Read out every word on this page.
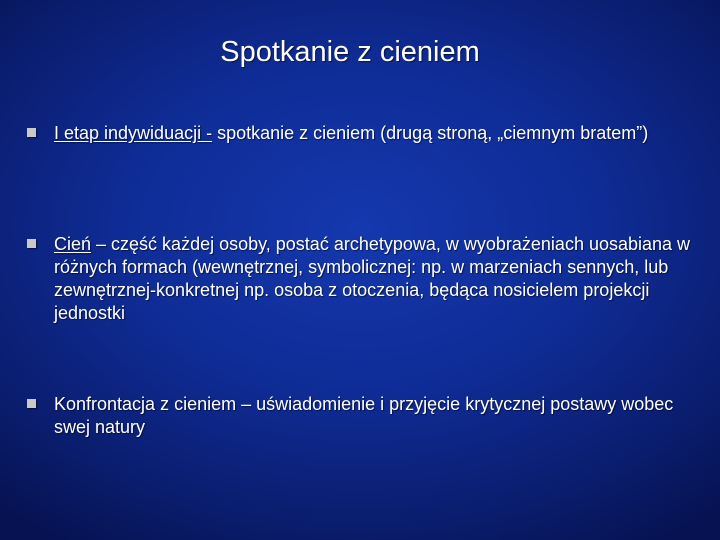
Spotkanie z cieniem
I etap indywiduacji - spotkanie z cieniem (drugą stroną, „ciemnym bratem”)
Cień – część każdej osoby, postać archetypowa, w wyobrażeniach uosabiana w różnych formach (wewnętrznej, symbolicznej: np. w marzeniach sennych, lub zewnętrznej-konkretnej np. osoba z otoczenia, będąca nosicielem projekcji jednostki
Konfrontacja z cieniem – uświadomienie i przyjęcie krytycznej postawy wobec swej natury
